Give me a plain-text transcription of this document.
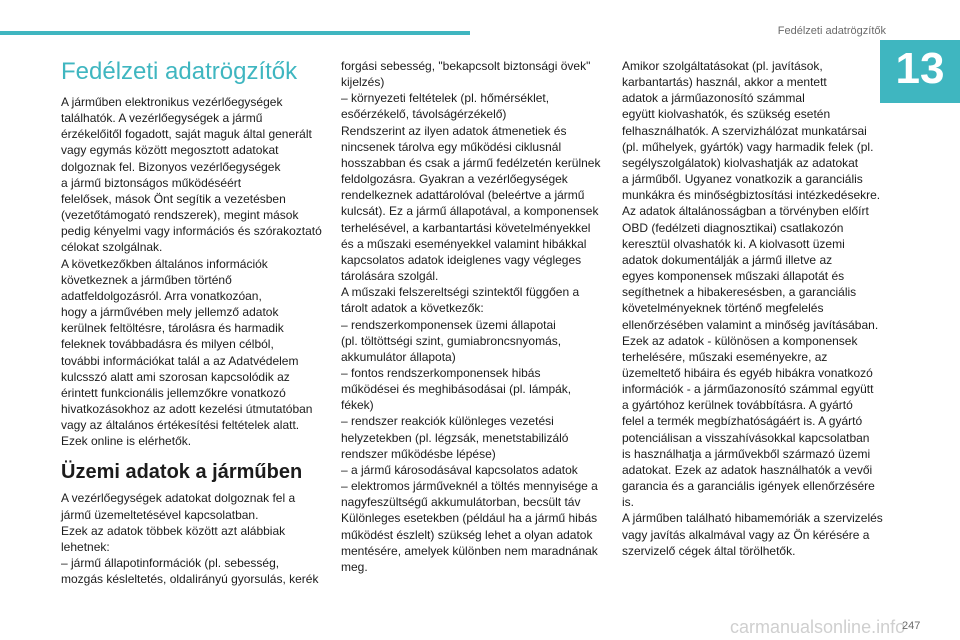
Fedélzeti adatrögzítők
13

Fedélzeti adatrögzítők

A járműben elektronikus vezérlőegységek

találhatók. A vezérlőegységek a jármű

érzékelőitől fogadott, saját maguk által generált

vagy egymás között megosztott adatokat

dolgoznak fel. Bizonyos vezérlőegységek

a jármű biztonságos működéséért

felelősek, mások Önt segítik a vezetésben

(vezetőtámogató rendszerek), megint mások

pedig kényelmi vagy információs és szórakoztató

célokat szolgálnak.

A következőkben általános információk

következnek a járműben történő

adatfeldolgozásról. Arra vonatkozóan,

hogy a járművében mely jellemző adatok

kerülnek feltöltésre, tárolásra és harmadik

feleknek továbbadásra és milyen célból,

további információkat talál a az Adatvédelem

kulcsszó alatt ami szorosan kapcsolódik az

érintett funkcionális jellemzőkre vonatkozó

hivatkozásokhoz az adott kezelési útmutatóban

vagy az általános értékesítési feltételek alatt.

Ezek online is elérhetők.

Üzemi adatok a járműben

A vezérlőegységek adatokat dolgoznak fel a

jármű üzemeltetésével kapcsolatban.

Ezek az adatok többek között azt alábbiak

lehetnek:

– jármű állapotinformációk (pl. sebesség,

mozgás késleltetés, oldalirányú gyorsulás, kerék

forgási sebesség, "bekapcsolt biztonsági övek"

kijelzés)

– környezeti feltételek (pl. hőmérséklet,

esőérzékelő, távolságérzékelő)

Rendszerint az ilyen adatok átmenetiek és

nincsenek tárolva egy működési ciklusnál

hosszabban és csak a jármű fedélzetén kerülnek

feldolgozásra. Gyakran a vezérlőegységek

rendelkeznek adattárolóval (beleértve a jármű

kulcsát). Ez a jármű állapotával, a komponensek

terhelésével, a karbantartási követelményekkel

és a műszaki eseményekkel valamint hibákkal

kapcsolatos adatok ideiglenes vagy végleges

tárolására szolgál.

A műszaki felszereltségi szintektől függően a

tárolt adatok a következők:

– rendszerkomponensek üzemi állapotai

(pl. töltöttségi szint, gumiabroncsnyomás,

akkumulátor állapota)

– fontos rendszerkomponensek hibás

működései és meghibásodásai (pl. lámpák,

fékek)

– rendszer reakciók különleges vezetési

helyzetekben (pl. légzsák, menetstabilizáló

rendszer működésbe lépése)

– a jármű károsodásával kapcsolatos adatok

– elektromos járműveknél a töltés mennyisége a

nagyfeszültségű akkumulátorban, becsült táv

Különleges esetekben (például ha a jármű hibás

működést észlelt) szükség lehet a olyan adatok

mentésére, amelyek különben nem maradnának

meg.

Amikor szolgáltatásokat (pl. javítások,

karbantartás) használ, akkor a mentett

adatok a járműazonosító számmal

együtt kiolvashatók, és szükség esetén

felhasználhatók. A szervizhálózat munkatársai

(pl. műhelyek, gyártók) vagy harmadik felek (pl.

segélyszolgálatok) kiolvashatják az adatokat

a járműből. Ugyanez vonatkozik a garanciális

munkákra és minőségbiztosítási intézkedésekre.

Az adatok általánosságban a törvényben előírt

OBD (fedélzeti diagnosztikai) csatlakozón

keresztül olvashatók ki. A kiolvasott üzemi

adatok dokumentálják a jármű illetve az

egyes komponensek műszaki állapotát és

segíthetnek a hibakeresésben, a garanciális

követelményeknek történő megfelelés

ellenőrzésében valamint a minőség javításában.

Ezek az adatok - különösen a komponensek

terhelésére, műszaki eseményekre, az

üzemeltető hibáira és egyéb hibákra vonatkozó

információk - a járműazonosító számmal együtt

a gyártóhoz kerülnek továbbításra. A gyártó

felel a termék megbízhatóságáért is. A gyártó

potenciálisan a visszahívásokkal kapcsolatban

is használhatja a járművekből származó üzemi

adatokat. Ezek az adatok használhatók a vevői

garancia és a garanciális igények ellenőrzésére

is.

A járműben található hibamemóriák a szervizelés

vagy javítás alkalmával vagy az Ön kérésére a

szervizelő cégek által törölhetők.

carmanualsonline.info
247
